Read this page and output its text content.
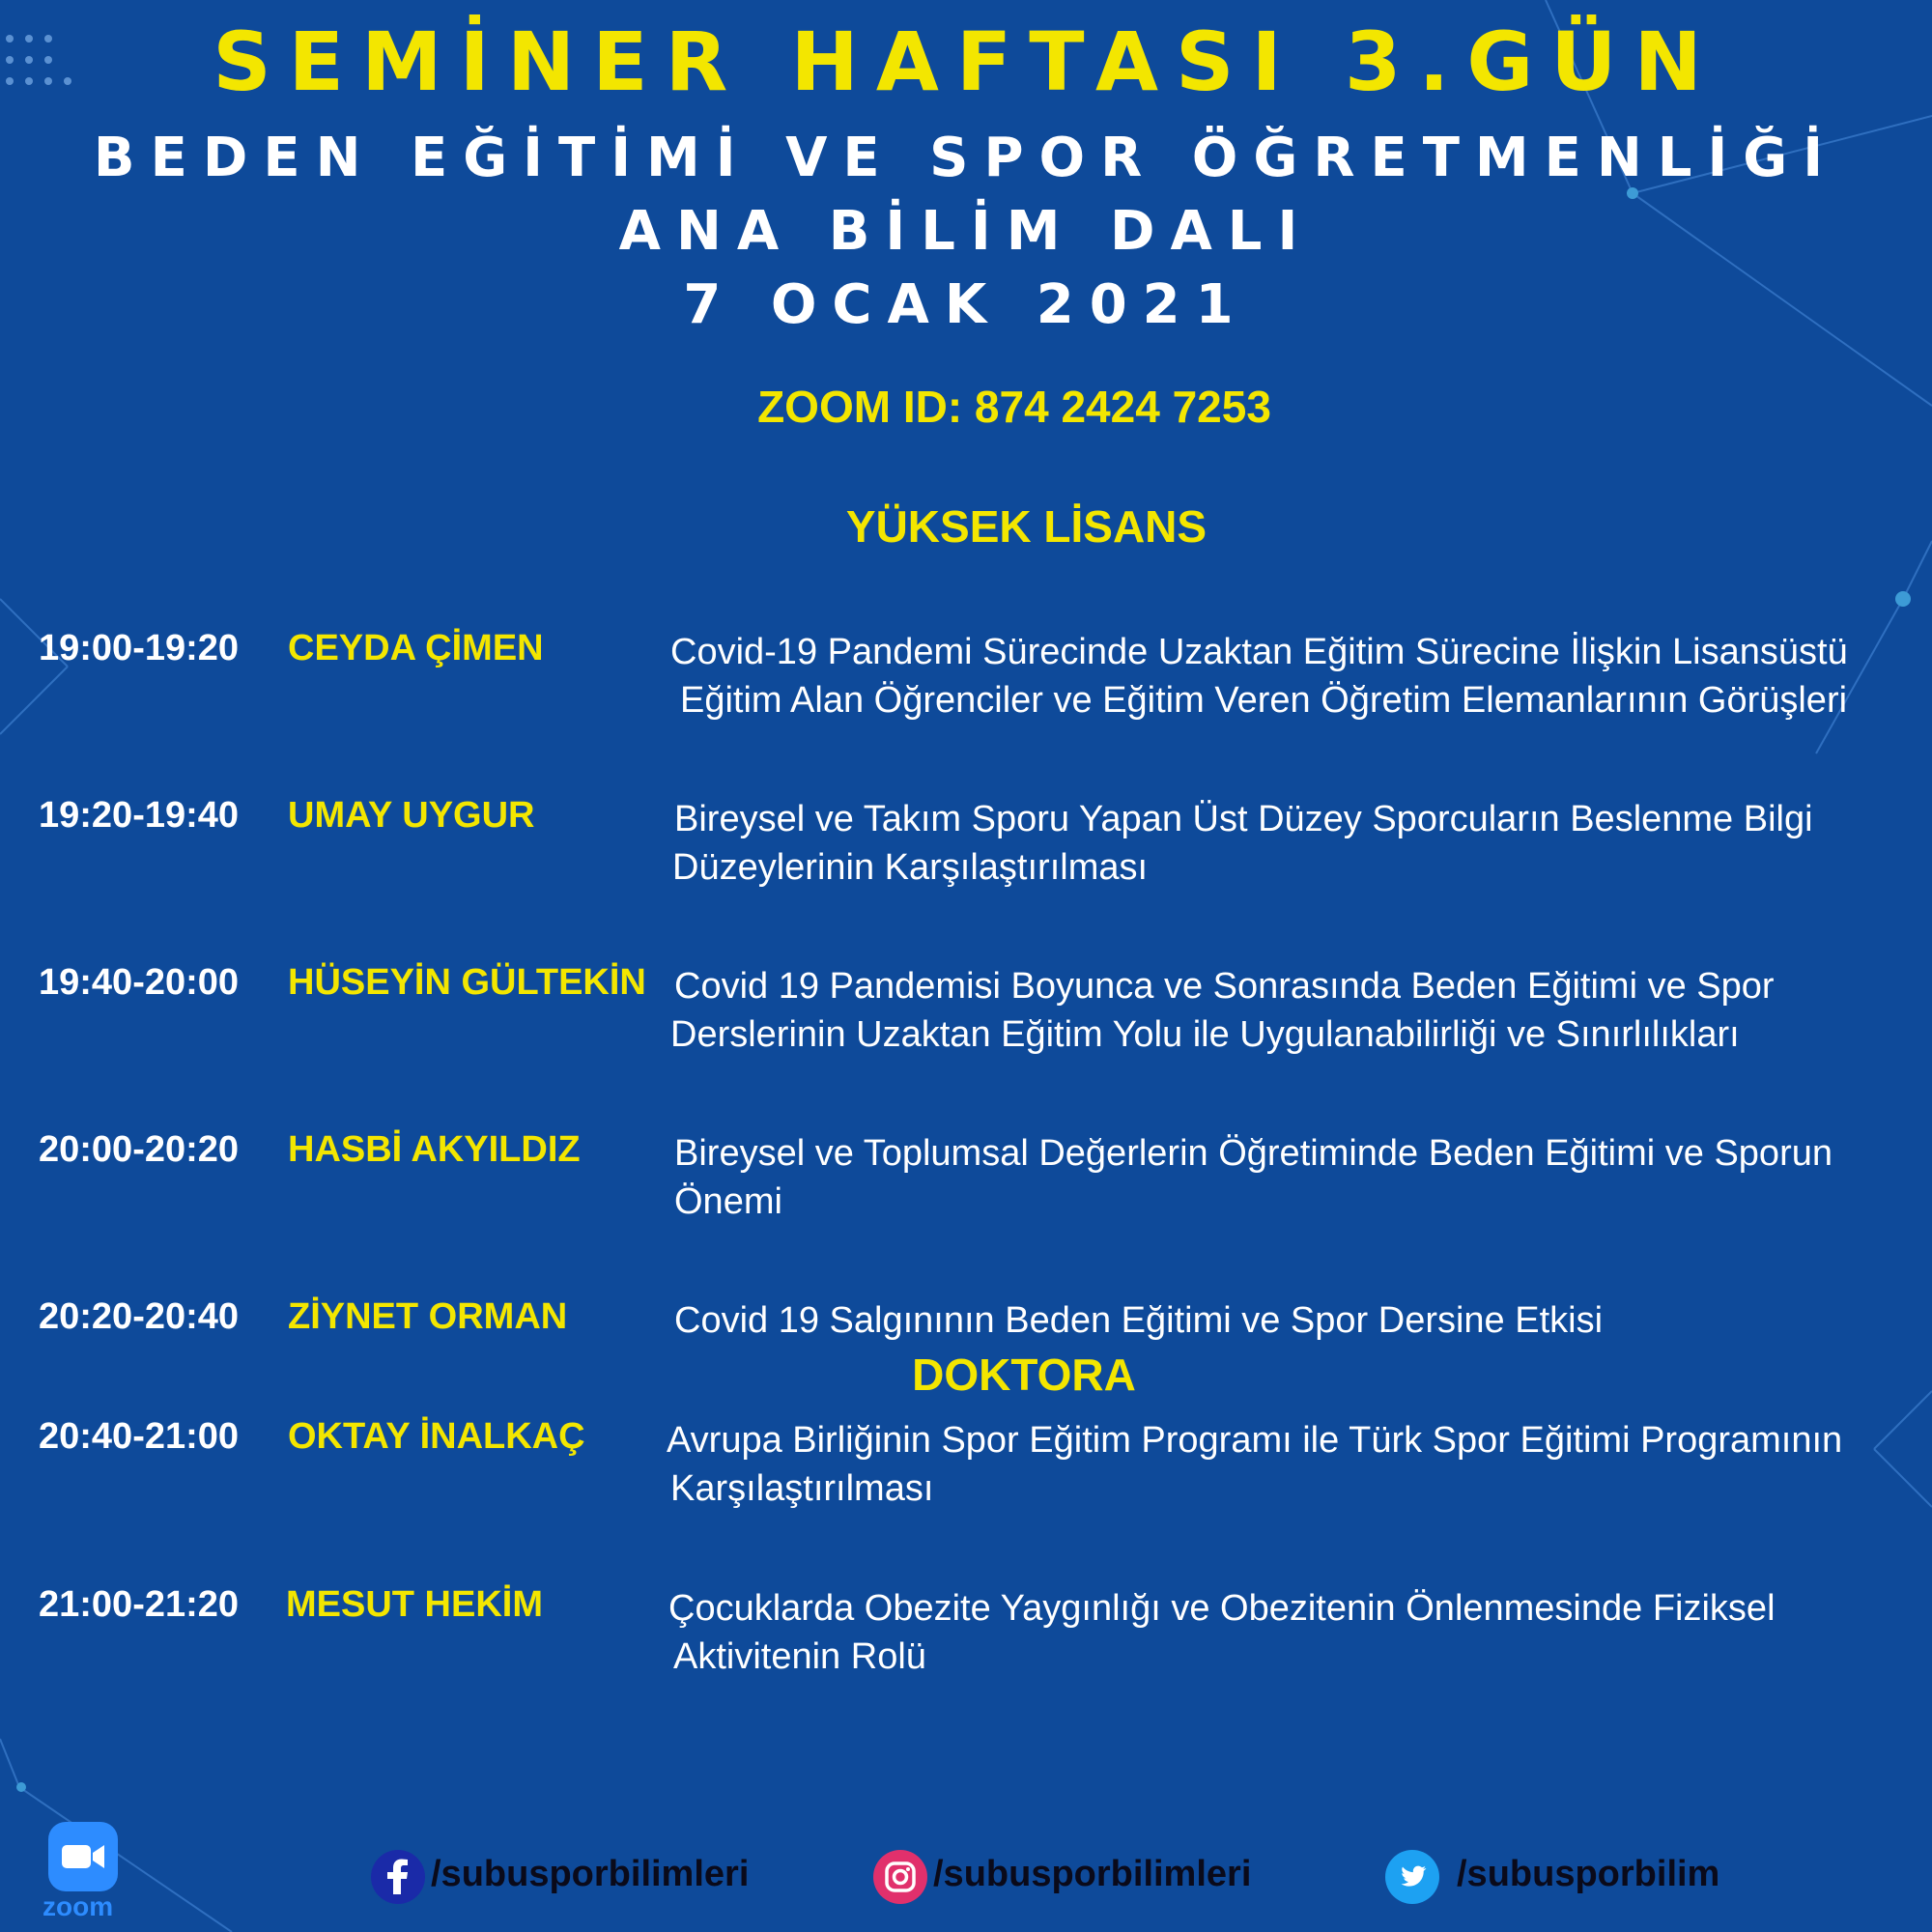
SEMİNER HAFTASI 3.GÜN
BEDEN EĞİTİMİ VE SPOR ÖĞRETMENLİĞİ
ANA BİLİM DALI
7 OCAK 2021
ZOOM ID: 874 2424 7253
YÜKSEK LİSANS
19:00-19:20 CEYDA ÇİMEN	Covid-19 Pandemi Sürecinde Uzaktan Eğitim Sürecine İlişkin Lisansüstü
Eğitim Alan Öğrenciler ve Eğitim Veren Öğretim Elemanlarının Görüşleri
19:20-19:40 UMAY UYGUR	Bireysel ve Takım Sporu Yapan Üst Düzey Sporcuların Beslenme Bilgi
Düzeylerinin Karşılaştırılması
19:40-20:00 HÜSEYİN GÜLTEKİN Covid 19 Pandemisi Boyunca ve Sonrasında Beden Eğitimi ve Spor
Derslerinin Uzaktan Eğitim Yolu ile Uygulanabilirliği ve Sınırlılıkları
20:00-20:20 HASBİ AKYILDIZ	Bireysel ve Toplumsal Değerlerin Öğretiminde Beden Eğitimi ve Sporun
Önemi
20:20-20:40 ZİYNET ORMAN	Covid 19 Salgınının Beden Eğitimi ve Spor Dersine Etkisi
DOKTORA
20:40-21:00 OKTAY İNALKAÇ Avrupa Birliğinin Spor Eğitim Programı ile Türk Spor Eğitimi Programının
Karşılaştırılması
21:00-21:20 MESUT HEKİM	Çocuklarda Obezite Yaygınlığı ve Obezitenin Önlenmesinde Fiziksel
Aktivitenin Rolü
zoom
/subusporbilimleri	/subusporbilimleri	/subusporbilim
